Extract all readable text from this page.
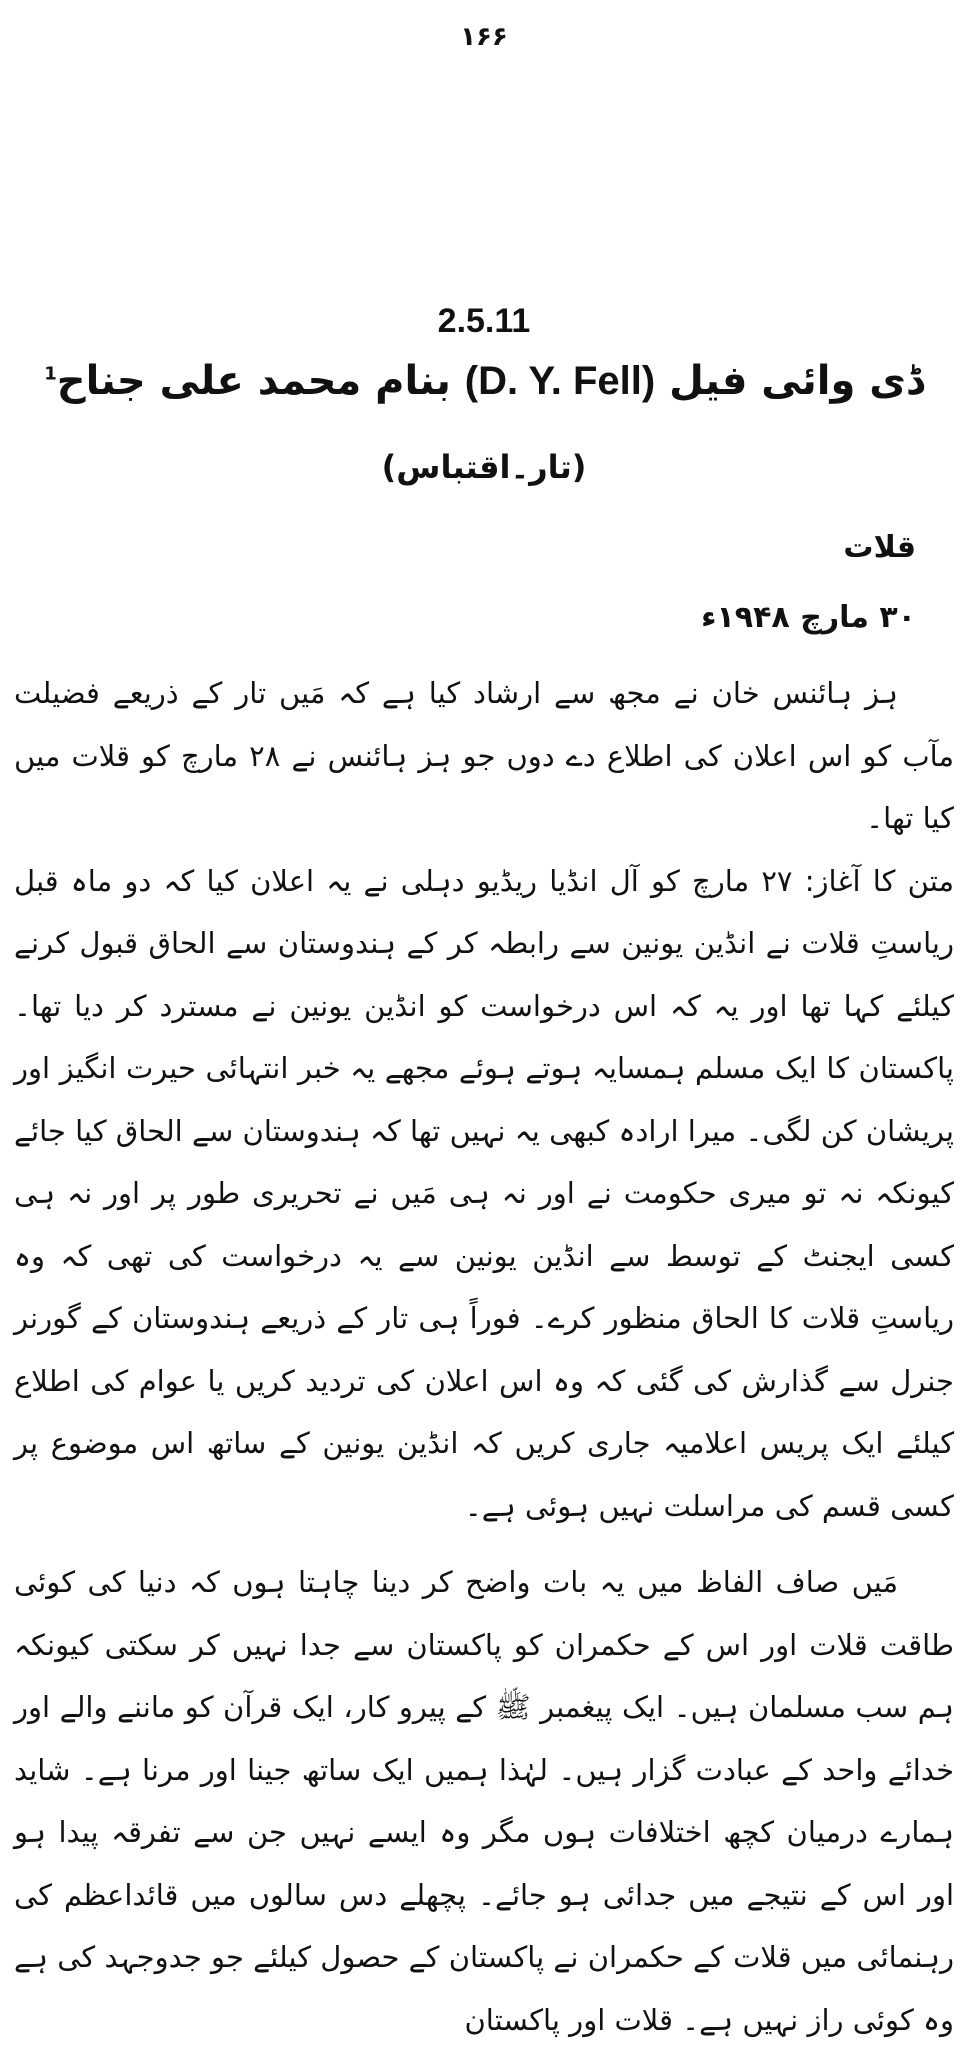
۱۶۶
2.5.11
ڈی وائی فیل (D. Y. Fell) بنام محمد علی جناح$^1$
(تار۔اقتباس)
قلات
۳۰ مارچ ۱۹۴۸ء

ہز ہائنس خان نے مجھ سے ارشاد کیا ہے کہ مَیں تار کے ذریعے فضیلت مآب کو اس اعلان کی اطلاع دے دوں جو ہز ہائنس نے ۲۸ مارچ کو قلات میں کیا تھا۔

متن کا آغاز: ۲۷ مارچ کو آل انڈیا ریڈیو دہلی نے یہ اعلان کیا کہ دو ماہ قبل ریاستِ قلات نے انڈین یونین سے رابطہ کر کے ہندوستان سے الحاق قبول کرنے کیلئے کہا تھا اور یہ کہ اس درخواست کو انڈین یونین نے مسترد کر دیا تھا۔ پاکستان کا ایک مسلم ہمسایہ ہوتے ہوئے مجھے یہ خبر انتہائی حیرت انگیز اور پریشان کن لگی۔ میرا ارادہ کبھی یہ نہیں تھا کہ ہندوستان سے الحاق کیا جائے کیونکہ نہ تو میری حکومت نے اور نہ ہی مَیں نے تحریری طور پر اور نہ ہی کسی ایجنٹ کے توسط سے انڈین یونین سے یہ درخواست کی تھی کہ وہ ریاستِ قلات کا الحاق منظور کرے۔ فوراً ہی تار کے ذریعے ہندوستان کے گورنر جنرل سے گذارش کی گئی کہ وہ اس اعلان کی تردید کریں یا عوام کی اطلاع کیلئے ایک پریس اعلامیہ جاری کریں کہ انڈین یونین کے ساتھ اس موضوع پر کسی قسم کی مراسلت نہیں ہوئی ہے۔

مَیں صاف الفاظ میں یہ بات واضح کر دینا چاہتا ہوں کہ دنیا کی کوئی طاقت قلات اور اس کے حکمران کو پاکستان سے جدا نہیں کر سکتی کیونکہ ہم سب مسلمان ہیں۔ ایک پیغمبر ﷺ کے پیرو کار، ایک قرآن کو ماننے والے اور خدائے واحد کے عبادت گزار ہیں۔ لہٰذا ہمیں ایک ساتھ جینا اور مرنا ہے۔ شاید ہمارے درمیان کچھ اختلافات ہوں مگر وہ ایسے نہیں جن سے تفرقہ پیدا ہو اور اس کے نتیجے میں جدائی ہو جائے۔ پچھلے دس سالوں میں قائداعظم کی رہنمائی میں قلات کے حکمران نے پاکستان کے حصول کیلئے جو جدوجہد کی ہے وہ کوئی راز نہیں ہے۔ قلات اور پاکستان
